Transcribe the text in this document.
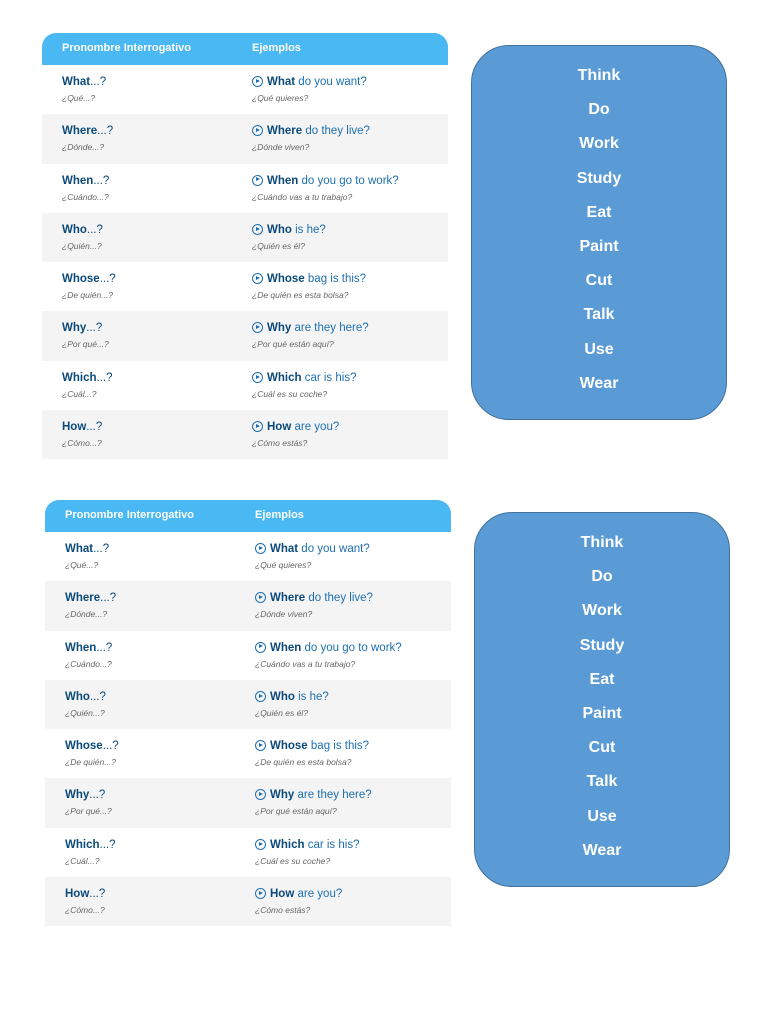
Pronombre Interrogativo	Ejemplos
What...?
¿Qué...?
What do you want?
¿Qué quieres?
Where...?
¿Dónde...?
Where do they live?
¿Dónde viven?
When...?
¿Cuándo...?
When do you go to work?
¿Cuándo vas a tu trabajo?
Who...?
¿Quién...?
Who is he?
¿Quién es él?
Whose...?
¿De quién...?
Whose bag is this?
¿De quién es esta bolsa?
Why...?
¿Por qué...?
Why are they here?
¿Por qué están aquí?
Which...?
¿Cuál...?
Which car is his?
¿Cuál es su coche?
How...?
¿Cómo...?
How are you?
¿Cómo estás?
Think
Do
Work
Study
Eat
Paint
Cut
Talk
Use
Wear
Pronombre Interrogativo	Ejemplos
What...?
¿Qué...?
What do you want?
¿Qué quieres?
Where...?
¿Dónde...?
Where do they live?
¿Dónde viven?
When...?
¿Cuándo...?
When do you go to work?
¿Cuándo vas a tu trabajo?
Who...?
¿Quién...?
Who is he?
¿Quién es él?
Whose...?
¿De quién...?
Whose bag is this?
¿De quién es esta bolsa?
Why...?
¿Por qué...?
Why are they here?
¿Por qué están aquí?
Which...?
¿Cuál...?
Which car is his?
¿Cuál es su coche?
How...?
¿Cómo...?
How are you?
¿Cómo estás?
Think
Do
Work
Study
Eat
Paint
Cut
Talk
Use
Wear
